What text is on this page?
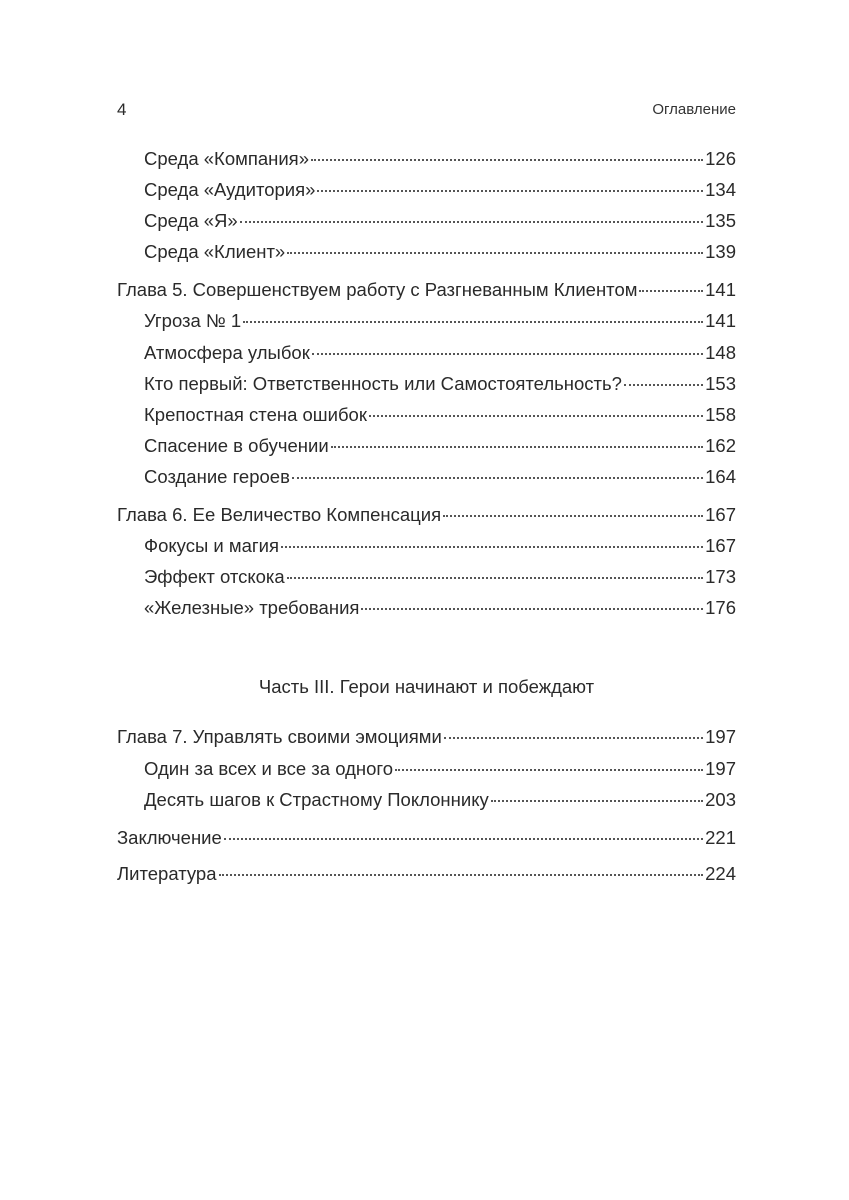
4	Оглавление
Среда «Компания»	126
Среда «Аудитория»	134
Среда «Я»	135
Среда «Клиент»	139
Глава 5. Совершенствуем работу с Разгневанным Клиентом	141
Угроза № 1	141
Атмосфера улыбок	148
Кто первый: Ответственность или Самостоятельность?	153
Крепостная стена ошибок	158
Спасение в обучении	162
Создание героев	164
Глава 6. Ее Величество Компенсация	167
Фокусы и магия	167
Эффект отскока	173
«Железные» требования	176
Часть III. Герои начинают и побеждают
Глава 7. Управлять своими эмоциями	197
Один за всех и все за одного	197
Десять шагов к Страстному Поклоннику	203
Заключение	221
Литература	224
